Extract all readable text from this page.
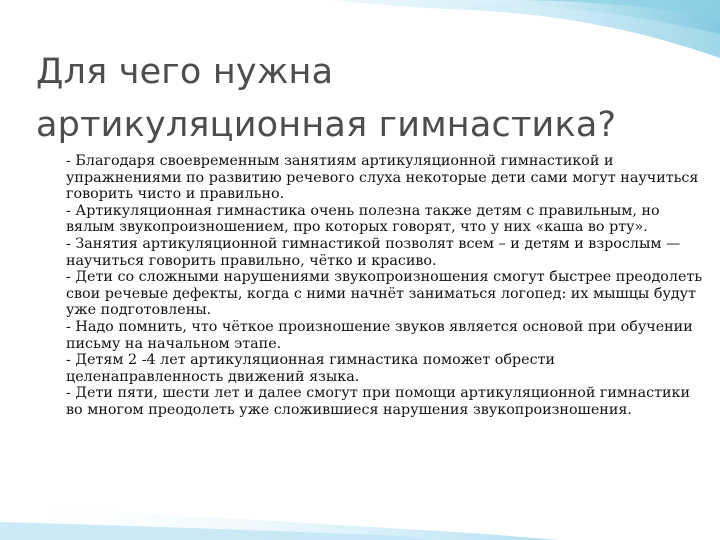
Для чего нужна
артикуляционная гимнастика?
- Благодаря своевременным занятиям артикуляционной гимнастикой и упражнениями по развитию речевого слуха некоторые дети сами могут научиться говорить чисто и правильно.
- Артикуляционная гимнастика очень полезна также детям с правильным, но вялым звукопроизношением, про которых говорят, что у них «каша во рту».
- Занятия артикуляционной гимнастикой позволят всем – и детям и взрослым — научиться говорить правильно, чётко и красиво.
- Дети со сложными нарушениями звукопроизношения смогут быстрее преодолеть свои речевые дефекты, когда с ними начнёт заниматься логопед: их мышцы будут уже подготовлены.
- Надо помнить, что чёткое произношение звуков является основой при обучении письму на начальном этапе.
- Детям 2 -4 лет артикуляционная гимнастика поможет обрести целенаправленность движений языка.
- Дети пяти, шести лет и далее смогут при помощи артикуляционной гимнастики во многом преодолеть уже сложившиеся нарушения звукопроизношения.
